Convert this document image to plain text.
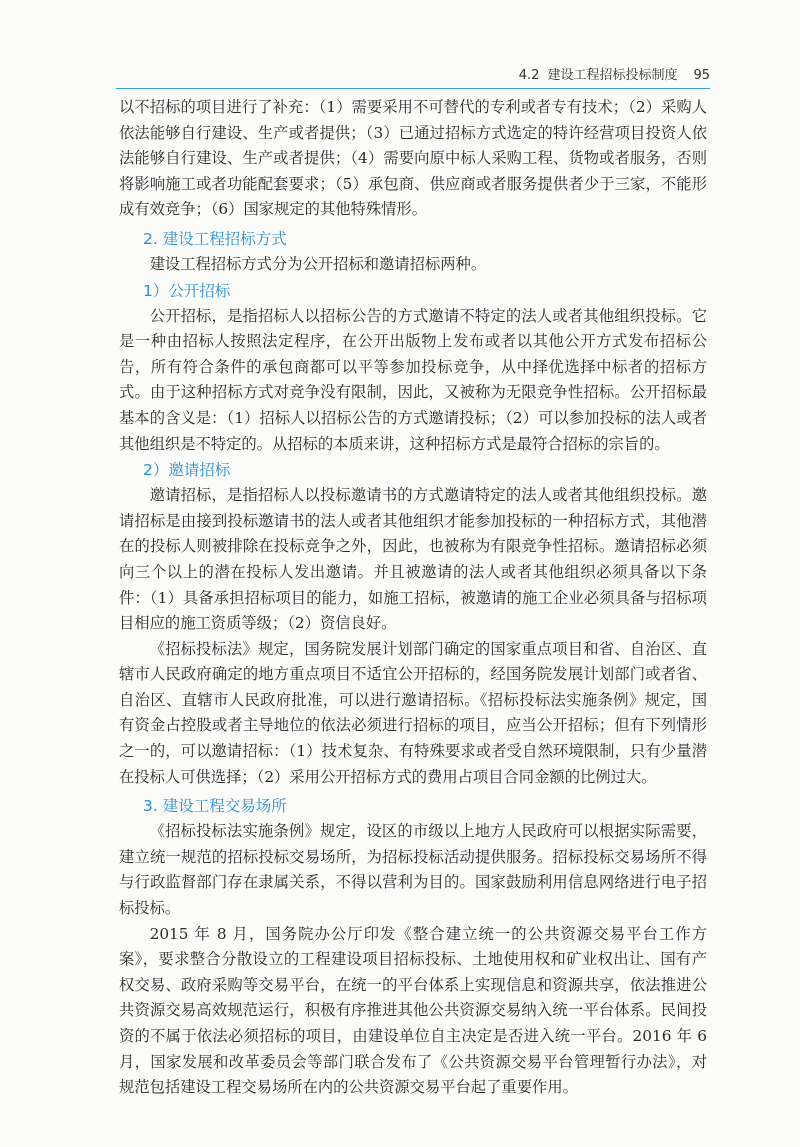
4.2 建设工程招标投标制度 95

以不招标的项目进行了补充：（1）需要采用不可替代的专利或者专有技术；（2）采购人依法能够自行建设、生产或者提供；（3）已通过招标方式选定的特许经营项目投资人依法能够自行建设、生产或者提供；（4）需要向原中标人采购工程、货物或者服务，否则将影响施工或者功能配套要求；（5）承包商、供应商或者服务提供者少于三家，不能形成有效竞争；（6）国家规定的其他特殊情形。

2. 建设工程招标方式

建设工程招标方式分为公开招标和邀请招标两种。

1）公开招标

公开招标，是指招标人以招标公告的方式邀请不特定的法人或者其他组织投标。它是一种由招标人按照法定程序，在公开出版物上发布或者以其他公开方式发布招标公告，所有符合条件的承包商都可以平等参加投标竞争，从中择优选择中标者的招标方式。由于这种招标方式对竞争没有限制，因此，又被称为无限竞争性招标。公开招标最基本的含义是：（1）招标人以招标公告的方式邀请投标；（2）可以参加投标的法人或者其他组织是不特定的。从招标的本质来讲，这种招标方式是最符合招标的宗旨的。

2）邀请招标

邀请招标，是指招标人以投标邀请书的方式邀请特定的法人或者其他组织投标。邀请招标是由接到投标邀请书的法人或者其他组织才能参加投标的一种招标方式，其他潜在的投标人则被排除在投标竞争之外，因此，也被称为有限竞争性招标。邀请招标必须向三个以上的潜在投标人发出邀请。并且被邀请的法人或者其他组织必须具备以下条件：（1）具备承担招标项目的能力，如施工招标，被邀请的施工企业必须具备与招标项目相应的施工资质等级；（2）资信良好。

《招标投标法》规定，国务院发展计划部门确定的国家重点项目和省、自治区、直辖市人民政府确定的地方重点项目不适宜公开招标的，经国务院发展计划部门或者省、自治区、直辖市人民政府批准，可以进行邀请招标。《招标投标法实施条例》规定，国有资金占控股或者主导地位的依法必须进行招标的项目，应当公开招标；但有下列情形之一的，可以邀请招标：（1）技术复杂、有特殊要求或者受自然环境限制，只有少量潜在投标人可供选择；（2）采用公开招标方式的费用占项目合同金额的比例过大。

3. 建设工程交易场所

《招标投标法实施条例》规定，设区的市级以上地方人民政府可以根据实际需要，建立统一规范的招标投标交易场所，为招标投标活动提供服务。招标投标交易场所不得与行政监督部门存在隶属关系，不得以营利为目的。国家鼓励利用信息网络进行电子招标投标。

2015 年 8 月，国务院办公厅印发《整合建立统一的公共资源交易平台工作方案》，要求整合分散设立的工程建设项目招标投标、土地使用权和矿业权出让、国有产权交易、政府采购等交易平台，在统一的平台体系上实现信息和资源共享，依法推进公共资源交易高效规范运行，积极有序推进其他公共资源交易纳入统一平台体系。民间投资的不属于依法必须招标的项目，由建设单位自主决定是否进入统一平台。2016 年 6 月，国家发展和改革委员会等部门联合发布了《公共资源交易平台管理暂行办法》，对规范包括建设工程交易场所在内的公共资源交易平台起了重要作用。
